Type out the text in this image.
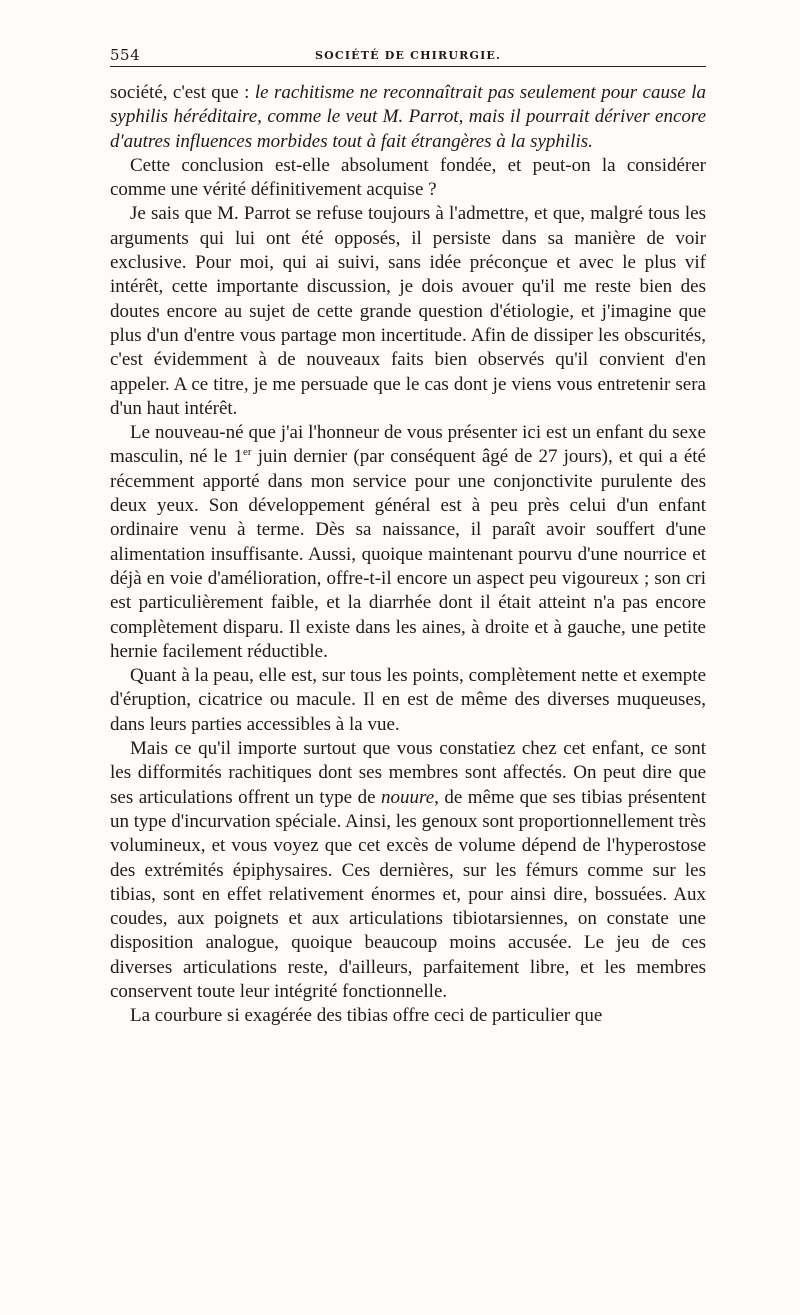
554	SOCIÉTÉ DE CHIRURGIE.

société, c'est que : le rachitisme ne reconnaîtrait pas seulement pour cause la syphilis héréditaire, comme le veut M. Parrot, mais il pourrait dériver encore d'autres influences morbides tout à fait étrangères à la syphilis.

Cette conclusion est-elle absolument fondée, et peut-on la considérer comme une vérité définitivement acquise ?

Je sais que M. Parrot se refuse toujours à l'admettre, et que, malgré tous les arguments qui lui ont été opposés, il persiste dans sa manière de voir exclusive. Pour moi, qui ai suivi, sans idée préconçue et avec le plus vif intérêt, cette importante discussion, je dois avouer qu'il me reste bien des doutes encore au sujet de cette grande question d'étiologie, et j'imagine que plus d'un d'entre vous partage mon incertitude. Afin de dissiper les obscurités, c'est évidemment à de nouveaux faits bien observés qu'il convient d'en appeler. A ce titre, je me persuade que le cas dont je viens vous entretenir sera d'un haut intérêt.

Le nouveau-né que j'ai l'honneur de vous présenter ici est un enfant du sexe masculin, né le 1er juin dernier (par conséquent âgé de 27 jours), et qui a été récemment apporté dans mon service pour une conjonctivite purulente des deux yeux. Son développement général est à peu près celui d'un enfant ordinaire venu à terme. Dès sa naissance, il paraît avoir souffert d'une alimentation insuffisante. Aussi, quoique maintenant pourvu d'une nourrice et déjà en voie d'amélioration, offre-t-il encore un aspect peu vigoureux ; son cri est particulièrement faible, et la diarrhée dont il était atteint n'a pas encore complètement disparu. Il existe dans les aines, à droite et à gauche, une petite hernie facilement réductible.

Quant à la peau, elle est, sur tous les points, complètement nette et exempte d'éruption, cicatrice ou macule. Il en est de même des diverses muqueuses, dans leurs parties accessibles à la vue.

Mais ce qu'il importe surtout que vous constatiez chez cet enfant, ce sont les difformités rachitiques dont ses membres sont affectés. On peut dire que ses articulations offrent un type de nouure, de même que ses tibias présentent un type d'incurvation spéciale. Ainsi, les genoux sont proportionnellement très volumineux, et vous voyez que cet excès de volume dépend de l'hyperostose des extrémités épiphysaires. Ces dernières, sur les fémurs comme sur les tibias, sont en effet relativement énormes et, pour ainsi dire, bossuées. Aux coudes, aux poignets et aux articulations tibiotarsiennes, on constate une disposition analogue, quoique beaucoup moins accusée. Le jeu de ces diverses articulations reste, d'ailleurs, parfaitement libre, et les membres conservent toute leur intégrité fonctionnelle.

La courbure si exagérée des tibias offre ceci de particulier que
